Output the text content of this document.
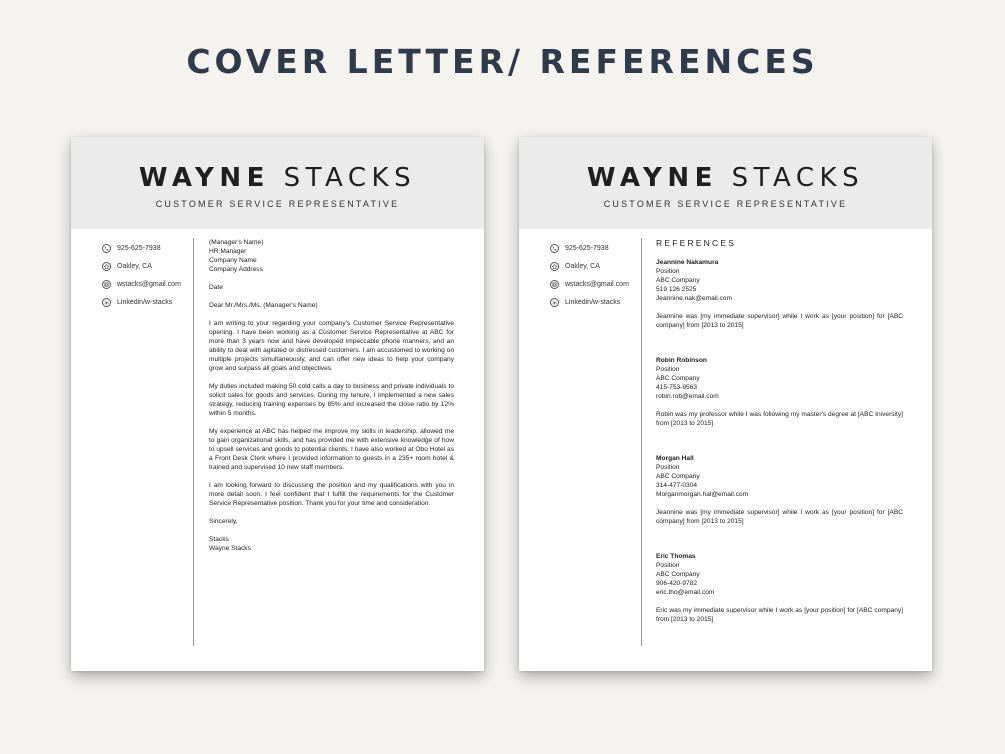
COVER LETTER/ REFERENCES
WAYNE STACKS
CUSTOMER SERVICE REPRESENTATIVE
925-625-7938
Oakley, CA
wstacks@gmail.com
Linkedin/w-stacks

(Manager's Name)
HR Manager
Company Name
Company Address

Date

Dear Mr./Mrs./Ms. (Manager's Name)

I am writing to your regarding your company's Customer Service Representative opening. I have been working as a Customer Service Representative at ABC for more than 3 years now and have developed impeccable phone manners, and an ability to deal with agitated or distressed customers. I am accustomed to working on multiple projects simultaneously, and can offer new ideas to help your company grow and surpass all goals and objectives.

My duties included making 50 cold calls a day to business and private individuals to solicit sales for goods and services. During my tenure, I implemented a new sales strategy, reducing training expenses by 85% and increased the close ratio by 12% within 5 months.

My experience at ABC has helped me improve my skills in leadership, allowed me to gain organizational skills, and has provided me with extensive knowledge of how to upsell services and goods to potential clients. I have also worked at Obo Hotel as a Front Desk Clerk where I provided information to guests in a 235+ room hotel & trained and supervised 10 new staff members.

I am looking forward to discussing the position and my qualifications with you in more detail soon. I feel confident that I fulfill the requirements for the Customer Service Representative position. Thank you for your time and consideration.

Sincerely,

Stacks
Wayne Stacks

WAYNE STACKS
CUSTOMER SERVICE REPRESENTATIVE
925-625-7938
Oakley, CA
wstacks@gmail.com
Linkedin/w-stacks
REFERENCES
Jeannine Nakamura
Position
ABC Company
519 126 2525
Jeannine.nak@email.com
Jeannine was [my immediate supervisor] while I work as [your position] for [ABC company] from [2013 to 2015]
Robin Robinson
Position
ABC Company
415-753-9563
robin.rob@email.com
Robin was my professor while I was following my master's degree at [ABC Iniversity] from [2013 to 2015]
Morgan Hall
Position
ABC Company
314-477-0304
Morganmorgan.hal@email.com
Jeannine was [my immediate supervisor] while I work as [your position] for [ABC company] from [2013 to 2015]
Eric Thomas
Position
ABC Company
906-420-9782
eric.tho@email.com
Eric was my immediate supervisor while I work as [your position] for [ABC company] from [2013 to 2015]
